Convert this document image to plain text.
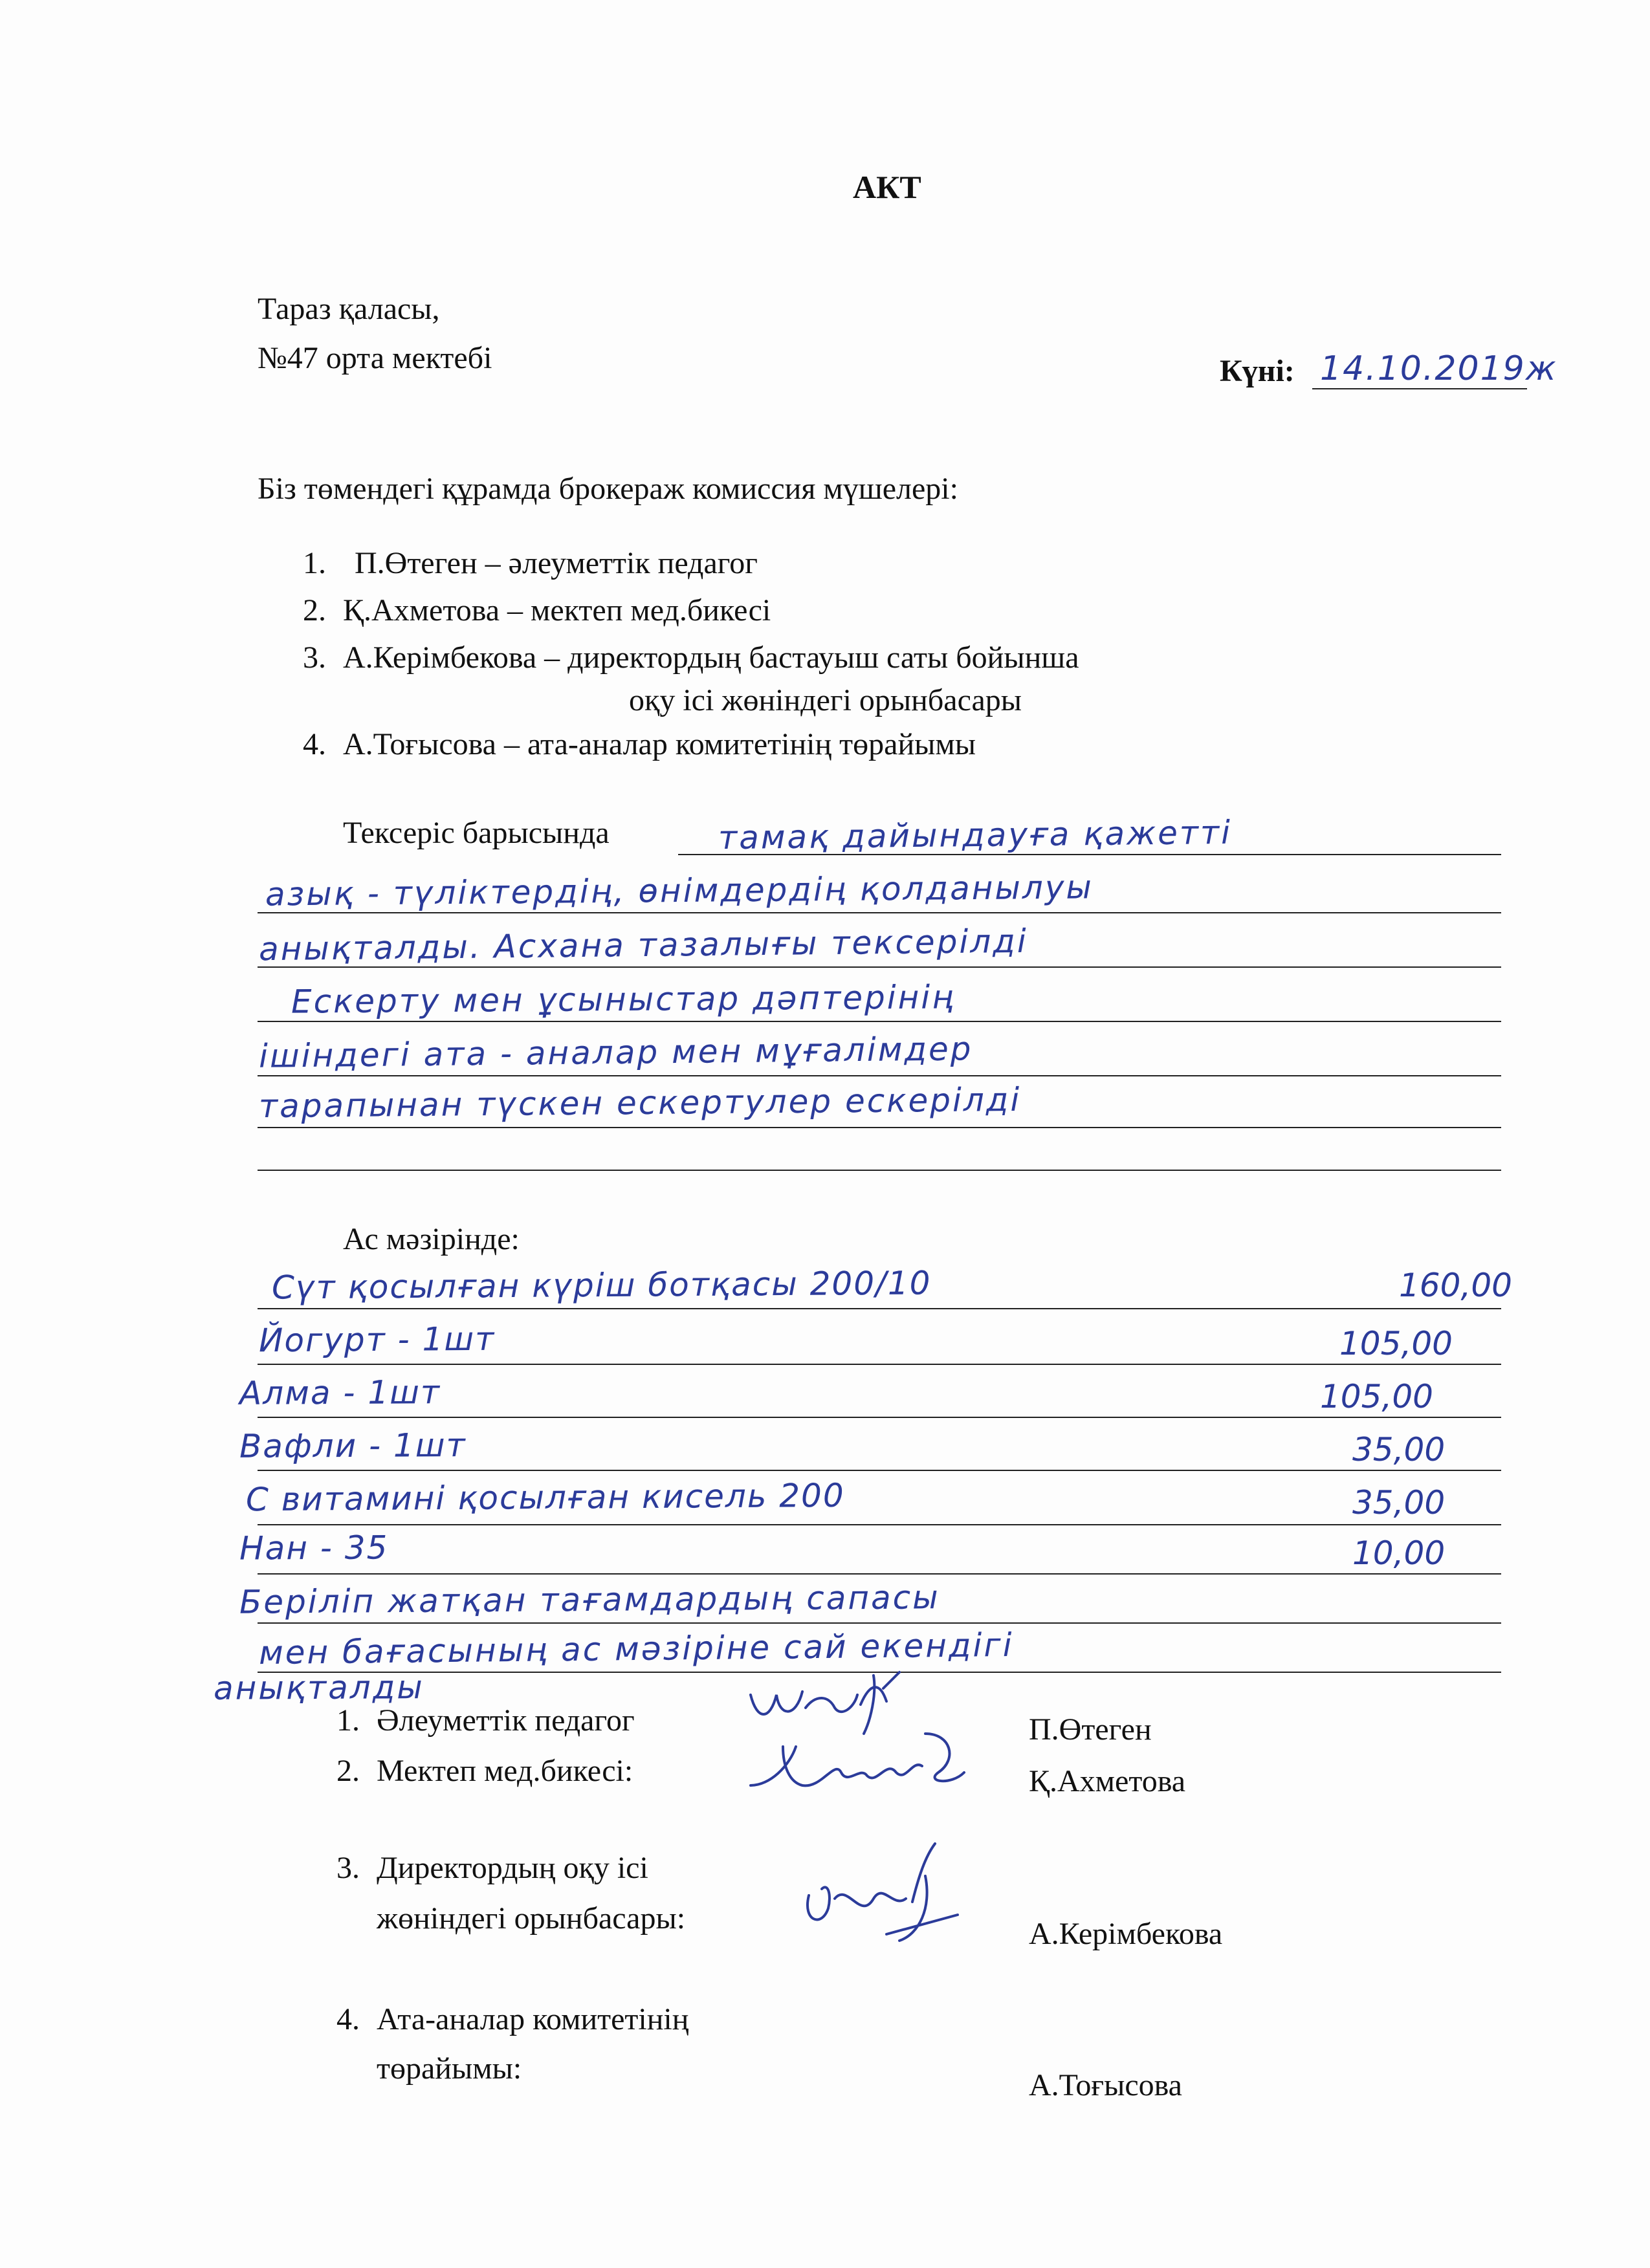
АКТ
Тараз қаласы,
№47 орта мектебі	Күні: 14.10.2019ж
Біз төмендегі құрамда брокераж комиссия мүшелері:
1. П.Өтеген – әлеуметтік педагог
2. Қ.Ахметова – мектеп мед.бикесі
3. А.Керімбекова – директордың бастауыш саты бойынша
оқу ісі жөніндегі орынбасары
4. А.Тоғысова – ата-аналар комитетінің төрайымы
Тексеріс барысында	тамақ дайындауға қажетті
азық - түліктердің, өнімдердің қолданылуы
анықталды. Асхана тазалығы тексерілді
Ескерту мен ұсыныстар дәптерінің
ішіндегі ата - аналар мен мұғалімдер
тарапынан түскен ескертулер ескерілді
Ас мәзірінде:
Сүт қосылған күріш ботқасы 200/10	160,00
Йогурт - 1шт	105,00
Алма - 1шт	105,00
Вафли - 1шт	35,00
С витамині қосылған кисель 200	35,00
Нан - 35	10,00
Беріліп жатқан тағамдардың сапасы
мен бағасының ас мәзіріне сай екендігі
анықталды
1. Әлеуметтік педагог	П.Өтеген
2. Мектеп мед.бикесі:	Қ.Ахметова
3. Директордың оқу ісі
жөніндегі орынбасары:	А.Керімбекова
4. Ата-аналар комитетінің
төрайымы:	А.Тоғысова
